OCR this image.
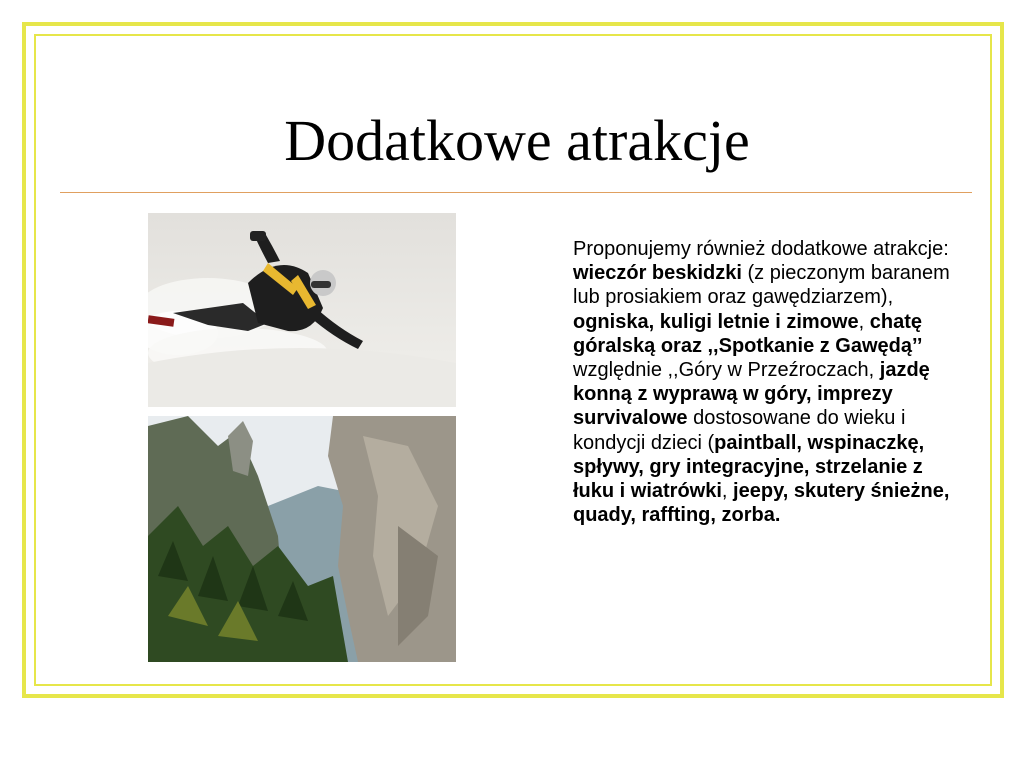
Dodatkowe atrakcje
Proponujemy również dodatkowe atrakcje: wieczór beskidzki (z pieczonym baranem lub prosiakiem oraz gawędziarzem), ogniska, kuligi letnie i zimowe, chatę góralską oraz ,,Spotkanie z Gawędą’’ względnie ,,Góry w Przeźroczach, jazdę konną z wyprawą w góry, imprezy survivalowe dostosowane do wieku i kondycji dzieci (paintball, wspinaczkę, spływy, gry integracyjne, strzelanie z łuku i wiatrówki, jeepy, skutery śnieżne, quady, raffting, zorba.
